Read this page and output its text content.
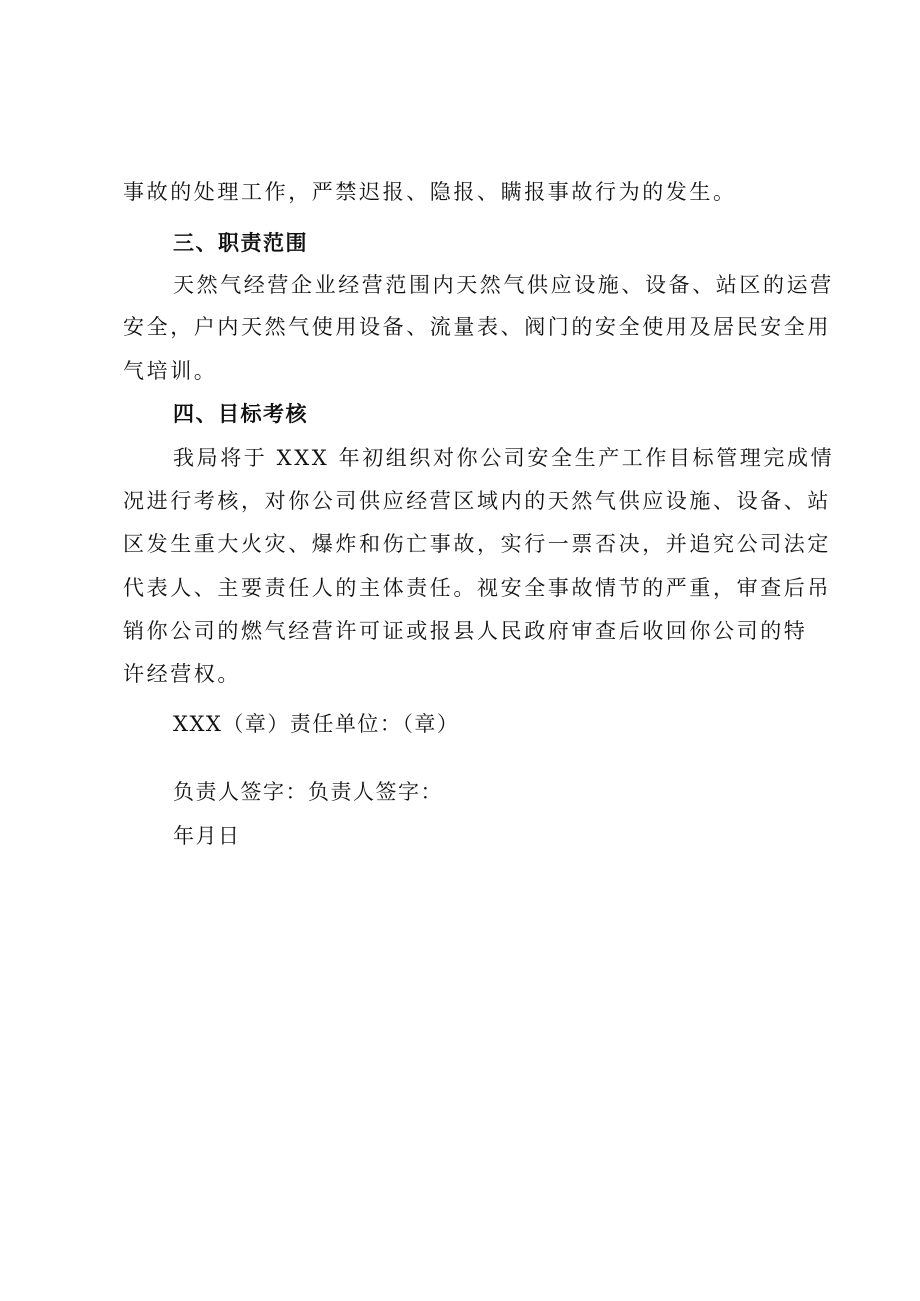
事故的处理工作，严禁迟报、隐报、瞒报事故行为的发生。
三、职责范围
天然气经营企业经营范围内天然气供应设施、设备、站区的运营
安全，户内天然气使用设备、流量表、阀门的安全使用及居民安全用
气培训。
四、目标考核
我局将于 XXX 年初组织对你公司安全生产工作目标管理完成情
况进行考核，对你公司供应经营区域内的天然气供应设施、设备、站
区发生重大火灾、爆炸和伤亡事故，实行一票否决，并追究公司法定
代表人、主要责任人的主体责任。视安全事故情节的严重，审查后吊
销你公司的燃气经营许可证或报县人民政府审查后收回你公司的特
许经营权。
XXX（章）责任单位：（章）
负责人签字：负责人签字：
年月日
